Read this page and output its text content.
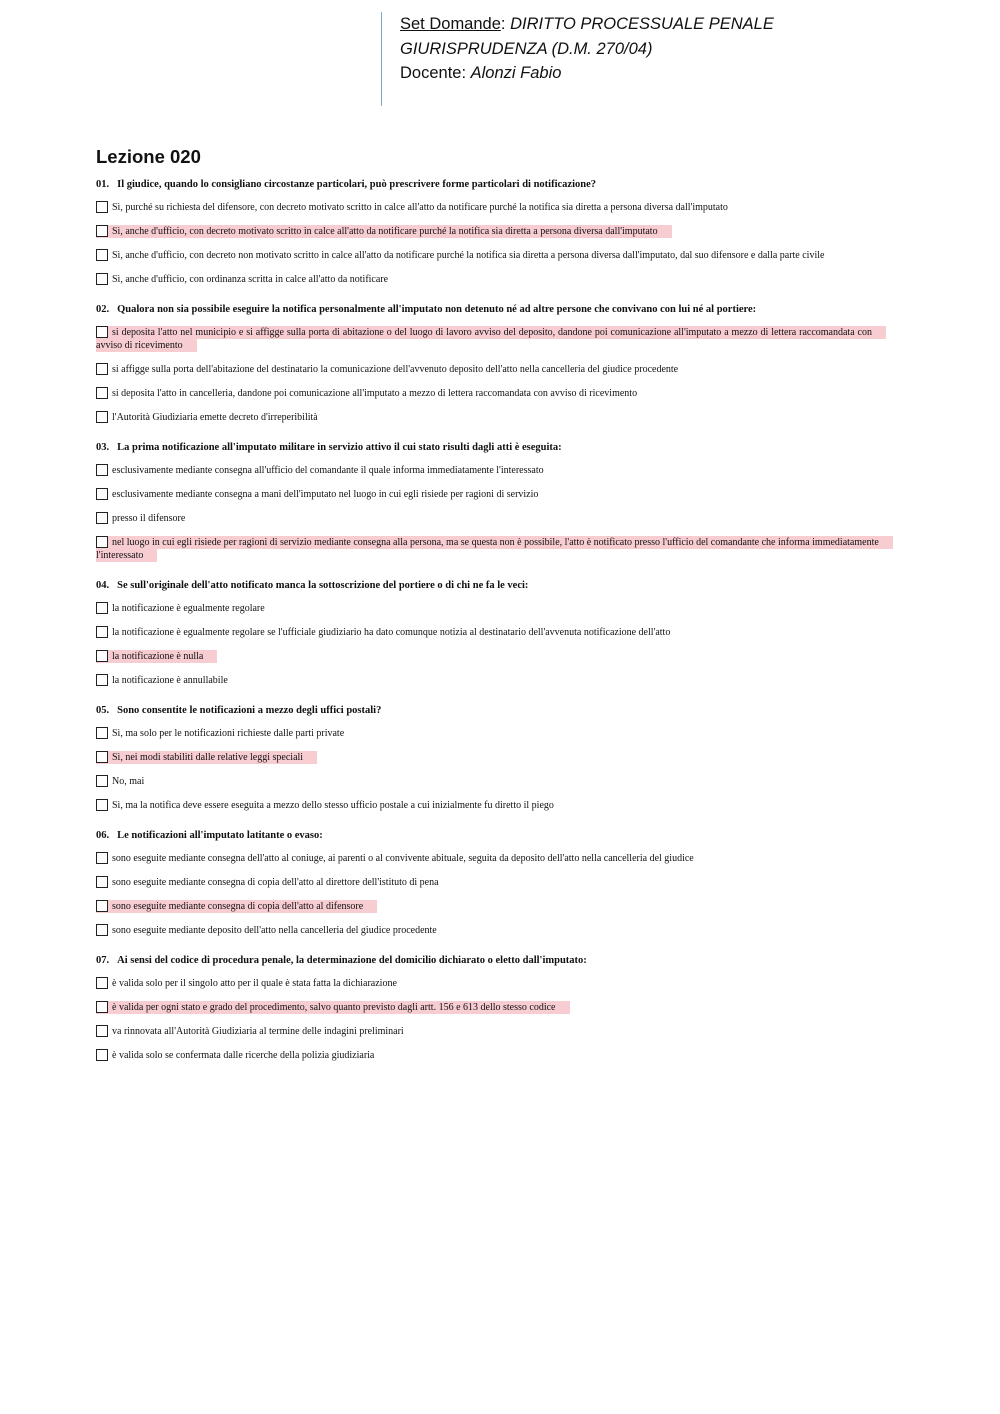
Set Domande: DIRITTO PROCESSUALE PENALE
GIURISPRUDENZA (D.M. 270/04)
Docente: Alonzi Fabio
Lezione 020
01. Il giudice, quando lo consigliano circostanze particolari, può prescrivere forme particolari di notificazione?
Sì, purché su richiesta del difensore, con decreto motivato scritto in calce all'atto da notificare purché la notifica sia diretta a persona diversa dall'imputato
Sì, anche d'ufficio, con decreto motivato scritto in calce all'atto da notificare purché la notifica sia diretta a persona diversa dall'imputato
Sì, anche d'ufficio, con decreto non motivato scritto in calce all'atto da notificare purché la notifica sia diretta a persona diversa dall'imputato, dal suo difensore e dalla parte civile
Sì, anche d'ufficio, con ordinanza scritta in calce all'atto da notificare
02. Qualora non sia possibile eseguire la notifica personalmente all'imputato non detenuto né ad altre persone che convivano con lui né al portiere:
si deposita l'atto nel municipio e si affigge sulla porta di abitazione o del luogo di lavoro avviso del deposito, dandone poi comunicazione all'imputato a mezzo di lettera raccomandata con avviso di ricevimento
si affigge sulla porta dell'abitazione del destinatario la comunicazione dell'avvenuto deposito dell'atto nella cancelleria del giudice procedente
si deposita l'atto in cancelleria, dandone poi comunicazione all'imputato a mezzo di lettera raccomandata con avviso di ricevimento
l'Autorità Giudiziaria emette decreto d'irreperibilità
03. La prima notificazione all'imputato militare in servizio attivo il cui stato risulti dagli atti è eseguita:
esclusivamente mediante consegna all'ufficio del comandante il quale informa immediatamente l'interessato
esclusivamente mediante consegna a mani dell'imputato nel luogo in cui egli risiede per ragioni di servizio
presso il difensore
nel luogo in cui egli risiede per ragioni di servizio mediante consegna alla persona, ma se questa non è possibile, l'atto è notificato presso l'ufficio del comandante che informa immediatamente l'interessato
04. Se sull'originale dell'atto notificato manca la sottoscrizione del portiere o di chi ne fa le veci:
la notificazione è egualmente regolare
la notificazione è egualmente regolare se l'ufficiale giudiziario ha dato comunque notizia al destinatario dell'avvenuta notificazione dell'atto
la notificazione è nulla
la notificazione è annullabile
05. Sono consentite le notificazioni a mezzo degli uffici postali?
Sì, ma solo per le notificazioni richieste dalle parti private
Sì, nei modi stabiliti dalle relative leggi speciali
No, mai
Sì, ma la notifica deve essere eseguita a mezzo dello stesso ufficio postale a cui inizialmente fu diretto il piego
06. Le notificazioni all'imputato latitante o evaso:
sono eseguite mediante consegna dell'atto al coniuge, ai parenti o al convivente abituale, seguita da deposito dell'atto nella cancelleria del giudice
sono eseguite mediante consegna di copia dell'atto al direttore dell'istituto di pena
sono eseguite mediante consegna di copia dell'atto al difensore
sono eseguite mediante deposito dell'atto nella cancelleria del giudice procedente
07. Ai sensi del codice di procedura penale, la determinazione del domicilio dichiarato o eletto dall'imputato:
è valida solo per il singolo atto per il quale è stata fatta la dichiarazione
è valida per ogni stato e grado del procedimento, salvo quanto previsto dagli artt. 156 e 613 dello stesso codice
va rinnovata all'Autorità Giudiziaria al termine delle indagini preliminari
è valida solo se confermata dalle ricerche della polizia giudiziaria
